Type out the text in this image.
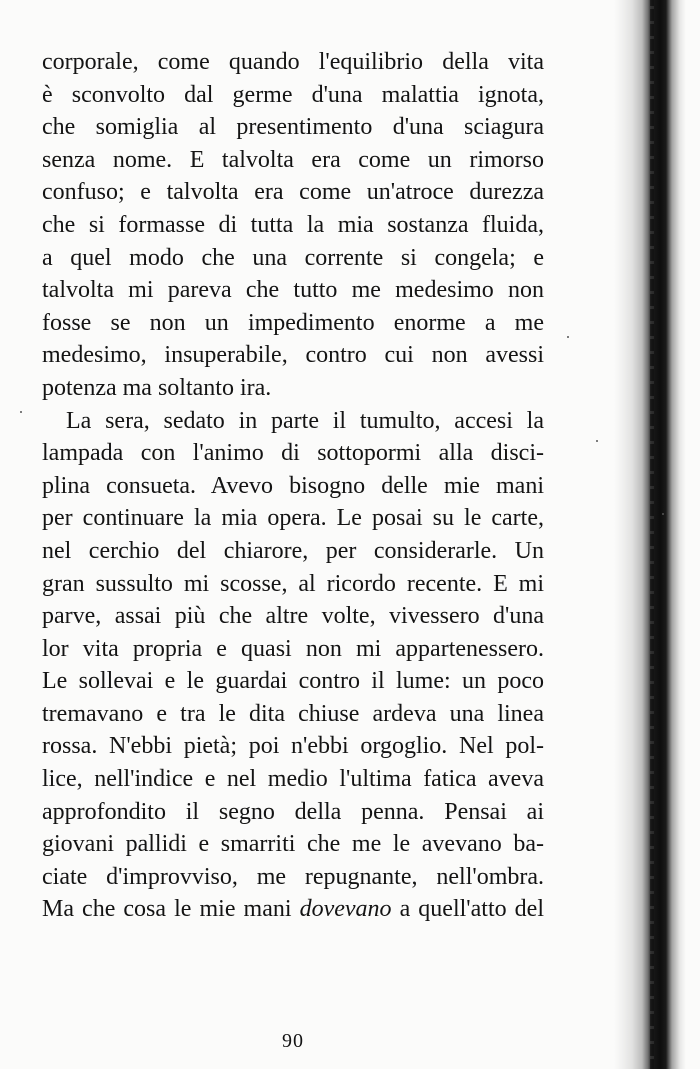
corporale, come quando l'equilibrio della vita
è sconvolto dal germe d'una malattia ignota,
che somiglia al presentimento d'una sciagura
senza nome. E talvolta era come un rimorso
confuso; e talvolta era come un'atroce durezza
che si formasse di tutta la mia sostanza fluida,
a quel modo che una corrente si congela; e
talvolta mi pareva che tutto me medesimo non
fosse se non un impedimento enorme a me
medesimo, insuperabile, contro cui non avessi
potenza ma soltanto ira.
La sera, sedato in parte il tumulto, accesi la
lampada con l'animo di sottopormi alla disci-
plina consueta. Avevo bisogno delle mie mani
per continuare la mia opera. Le posai su le carte,
nel cerchio del chiarore, per considerarle. Un
gran sussulto mi scosse, al ricordo recente. E mi
parve, assai più che altre volte, vivessero d'una
lor vita propria e quasi non mi appartenessero.
Le sollevai e le guardai contro il lume: un poco
tremavano e tra le dita chiuse ardeva una linea
rossa. N'ebbi pietà; poi n'ebbi orgoglio. Nel pol-
lice, nell'indice e nel medio l'ultima fatica aveva
approfondito il segno della penna. Pensai ai
giovani pallidi e smarriti che me le avevano ba-
ciate d'improvviso, me repugnante, nell'ombra.
Ma che cosa le mie mani dovevano a quell'atto del
90
